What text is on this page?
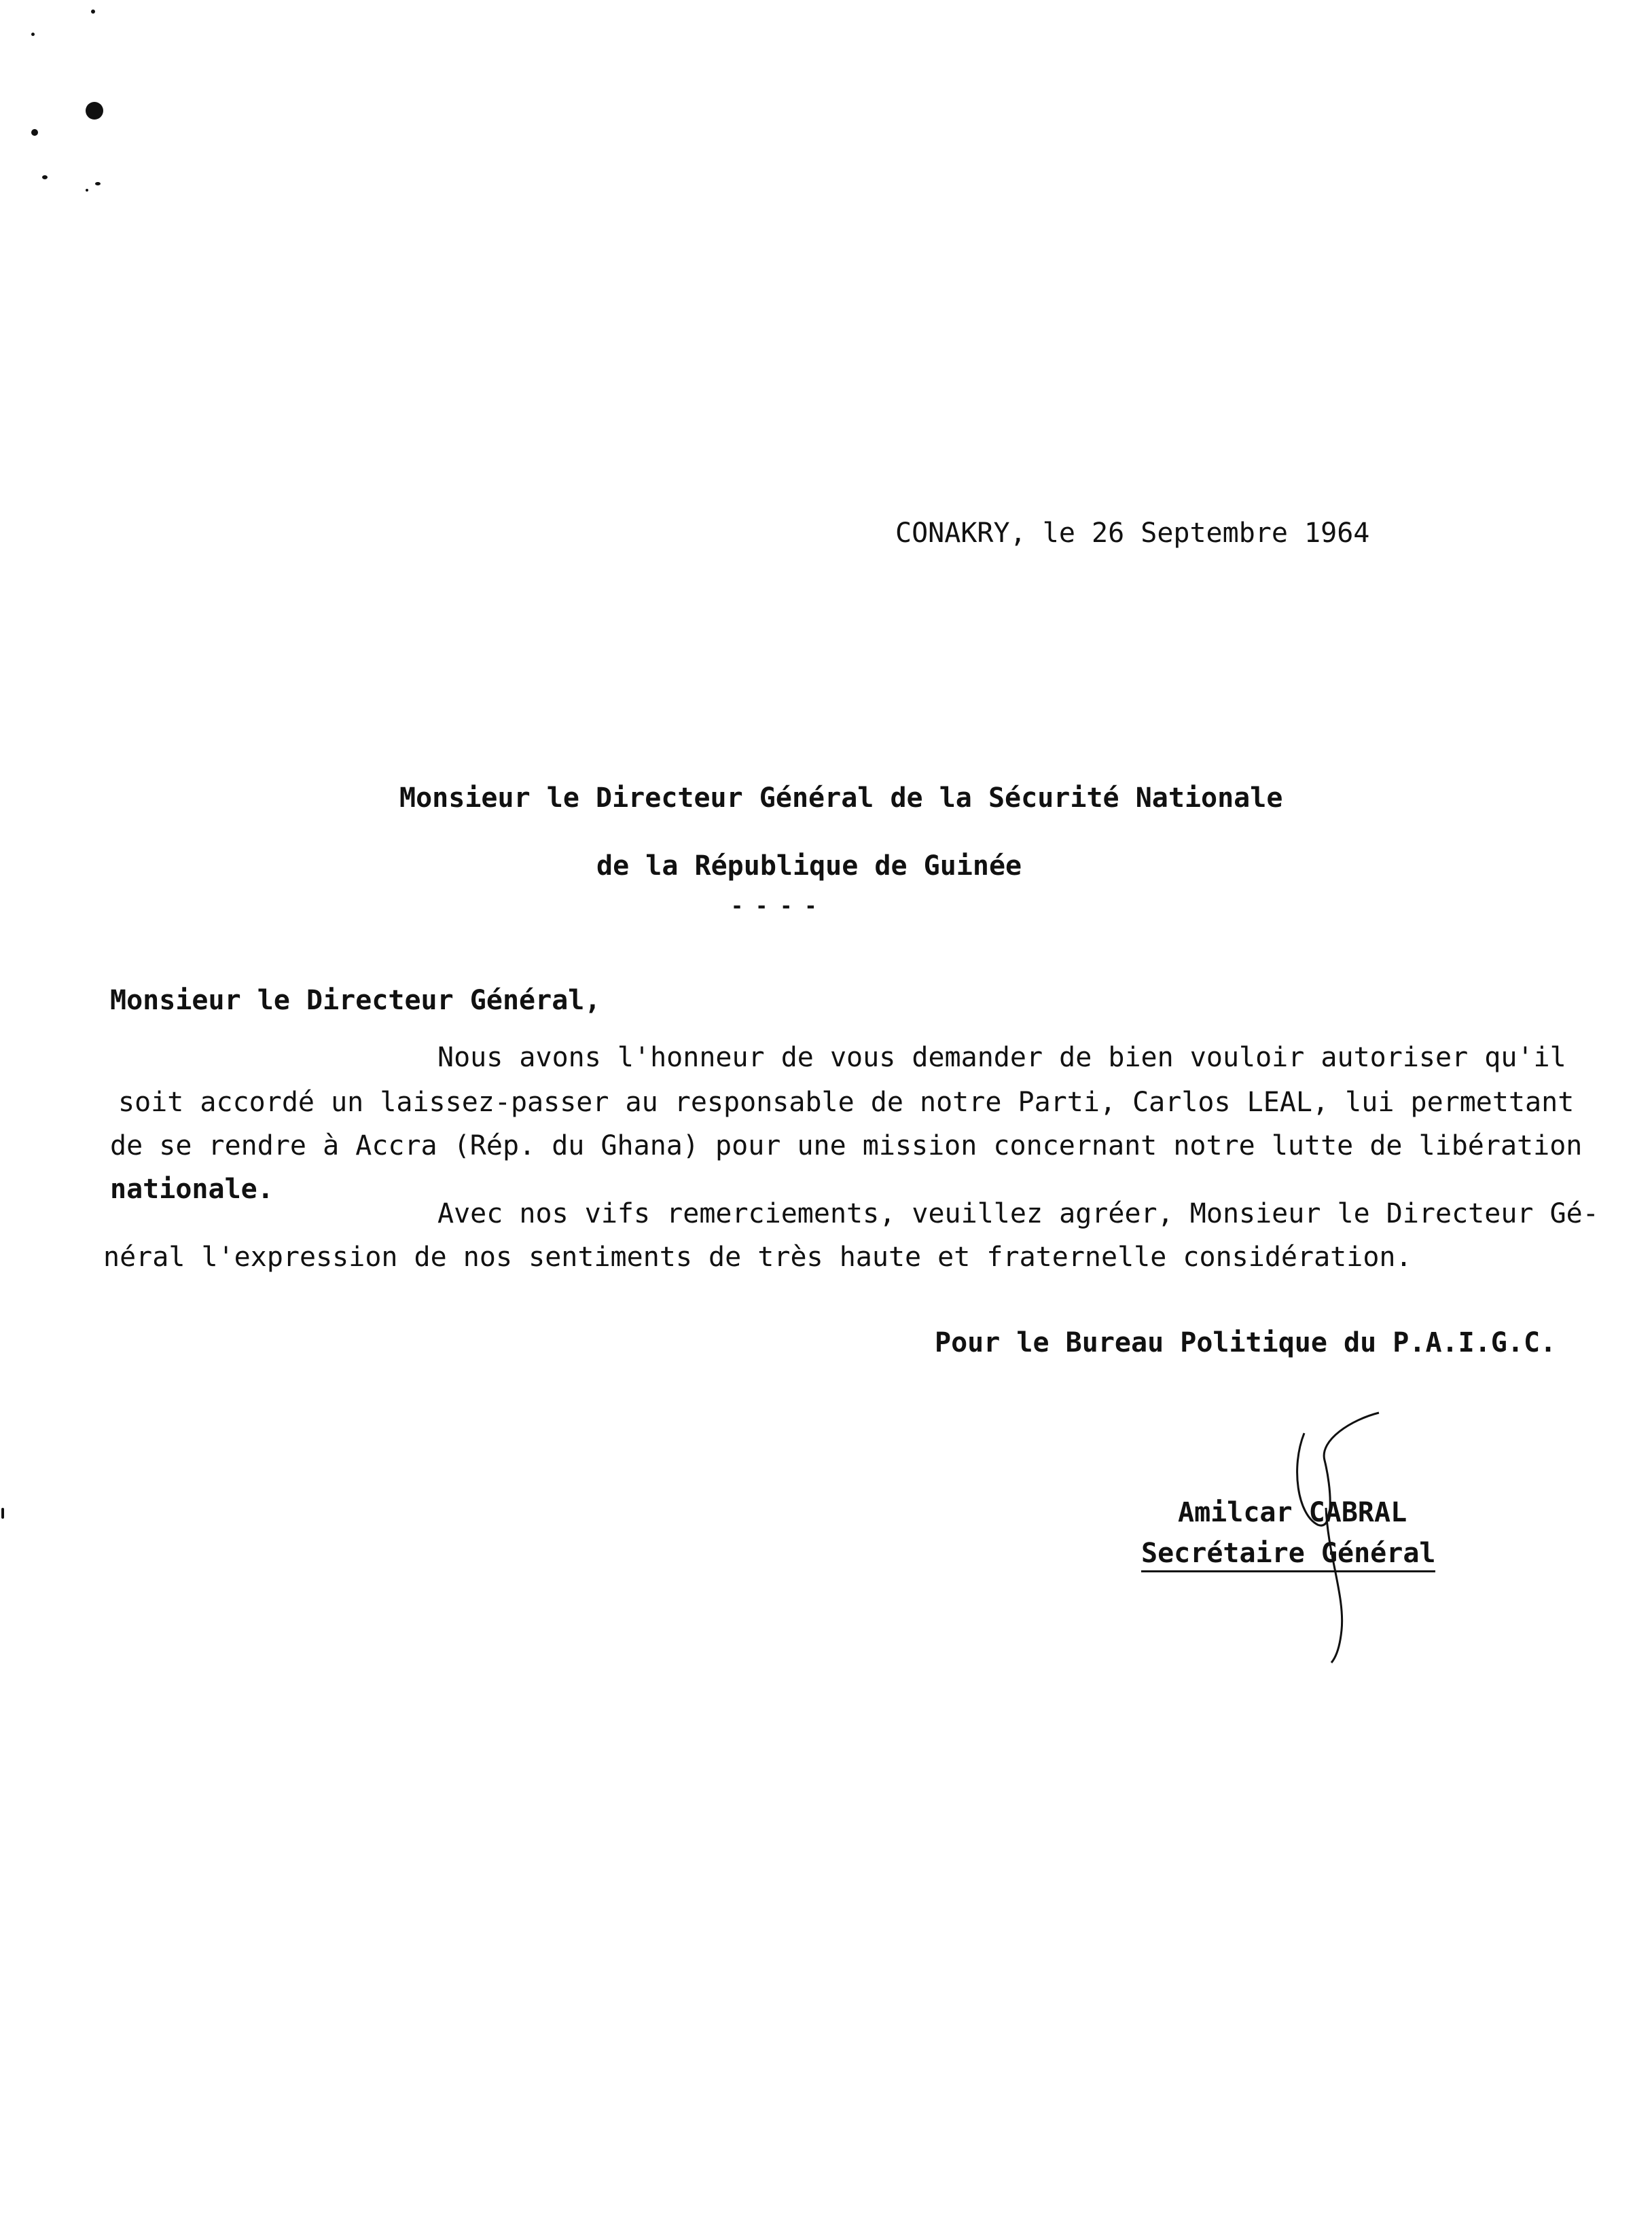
CONAKRY, le 26 Septembre 1964

Monsieur le Directeur Général de la Sécurité Nationale

de la République de Guinée

- - - -

Monsieur le Directeur Général,

Nous avons l'honneur de vous demander de bien vouloir autoriser qu'il

soit accordé un laissez-passer au responsable de notre Parti, Carlos LEAL, lui permettant

de se rendre à Accra (Rép. du Ghana) pour une mission concernant notre lutte de libération

nationale.

Avec nos vifs remerciements, veuillez agréer, Monsieur le Directeur Gé-

néral l'expression de nos sentiments de très haute et fraternelle considération.

Pour le Bureau Politique du P.A.I.G.C.

Amilcar CABRAL

Secrétaire Général
